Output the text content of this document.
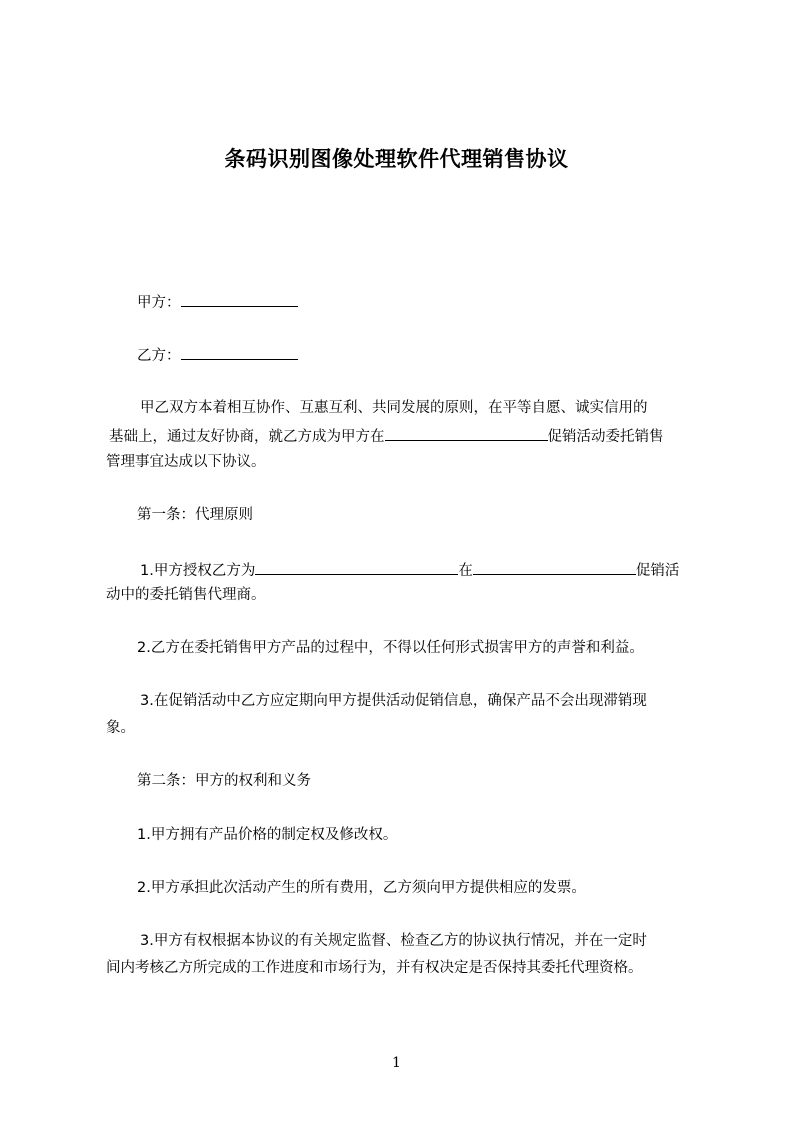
条码识别图像处理软件代理销售协议
甲方：
乙方：
甲乙双方本着相互协作、互惠互利、共同发展的原则，在平等自愿、诚实信用的
基础上，通过友好协商，就乙方成为甲方在	促销活动委托销售
管理事宜达成以下协议。
第一条：代理原则
1.甲方授权乙方为	在	促销活
动中的委托销售代理商。
2.乙方在委托销售甲方产品的过程中，不得以任何形式损害甲方的声誉和利益。
3.在促销活动中乙方应定期向甲方提供活动促销信息，确保产品不会出现滞销现
象。
第二条：甲方的权利和义务
1.甲方拥有产品价格的制定权及修改权。
2.甲方承担此次活动产生的所有费用，乙方须向甲方提供相应的发票。
3.甲方有权根据本协议的有关规定监督、检查乙方的协议执行情况，并在一定时
间内考核乙方所完成的工作进度和市场行为，并有权决定是否保持其委托代理资格。
1
